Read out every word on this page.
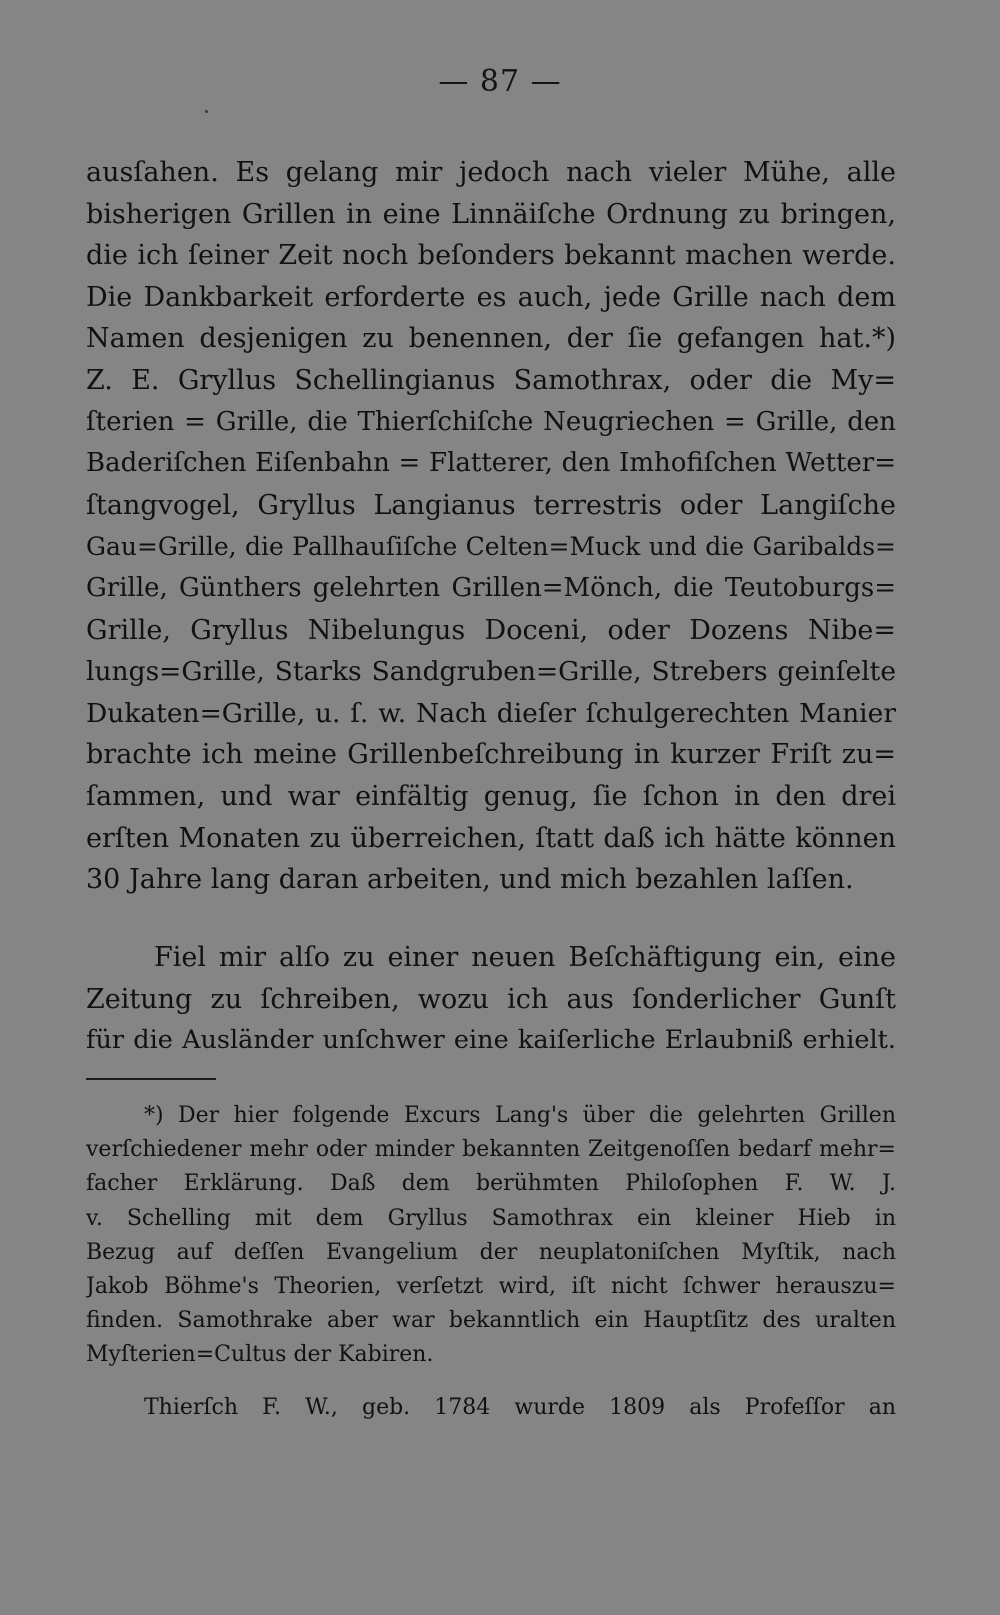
— 87 —
ausſahen. Es gelang mir jedoch nach vieler Mühe, alle
bisherigen Grillen in eine Linnäiſche Ordnung zu bringen,
die ich ſeiner Zeit noch beſonders bekannt machen werde.
Die Dankbarkeit erforderte es auch, jede Grille nach dem
Namen desjenigen zu benennen, der ſie gefangen hat.*)
Z. E. Gryllus Schellingianus Samothrax, oder die My=
ſterien = Grille, die Thierſchiſche Neugriechen = Grille, den
Baderiſchen Eiſenbahn = Flatterer, den Imhofiſchen Wetter=
ſtangvogel, Gryllus Langianus terrestris oder Langiſche
Gau=Grille, die Pallhauſiſche Celten=Muck und die Garibalds=
Grille, Günthers gelehrten Grillen=Mönch, die Teutoburgs=
Grille, Gryllus Nibelungus Doceni, oder Dozens Nibe=
lungs=Grille, Starks Sandgruben=Grille, Strebers geinſelte
Dukaten=Grille, u. ſ. w. Nach dieſer ſchulgerechten Manier
brachte ich meine Grillenbeſchreibung in kurzer Friſt zu=
ſammen, und war einfältig genug, ſie ſchon in den drei
erſten Monaten zu überreichen, ſtatt daß ich hätte können
30 Jahre lang daran arbeiten, und mich bezahlen laſſen.
Fiel mir alſo zu einer neuen Beſchäftigung ein, eine
Zeitung zu ſchreiben, wozu ich aus ſonderlicher Gunſt
für die Ausländer unſchwer eine kaiſerliche Erlaubniß erhielt.
*) Der hier folgende Excurs Lang's über die gelehrten Grillen
verſchiedener mehr oder minder bekannten Zeitgenoſſen bedarf mehr=
facher Erklärung. Daß dem berühmten Philoſophen F. W. J.
v. Schelling mit dem Gryllus Samothrax ein kleiner Hieb in
Bezug auf deſſen Evangelium der neuplatoniſchen Myſtik, nach
Jakob Böhme's Theorien, verſetzt wird, iſt nicht ſchwer herauszu=
finden. Samothrake aber war bekanntlich ein Hauptſitz des uralten
Myſterien=Cultus der Kabiren.
Thierſch F. W., geb. 1784 wurde 1809 als Profeſſor an
